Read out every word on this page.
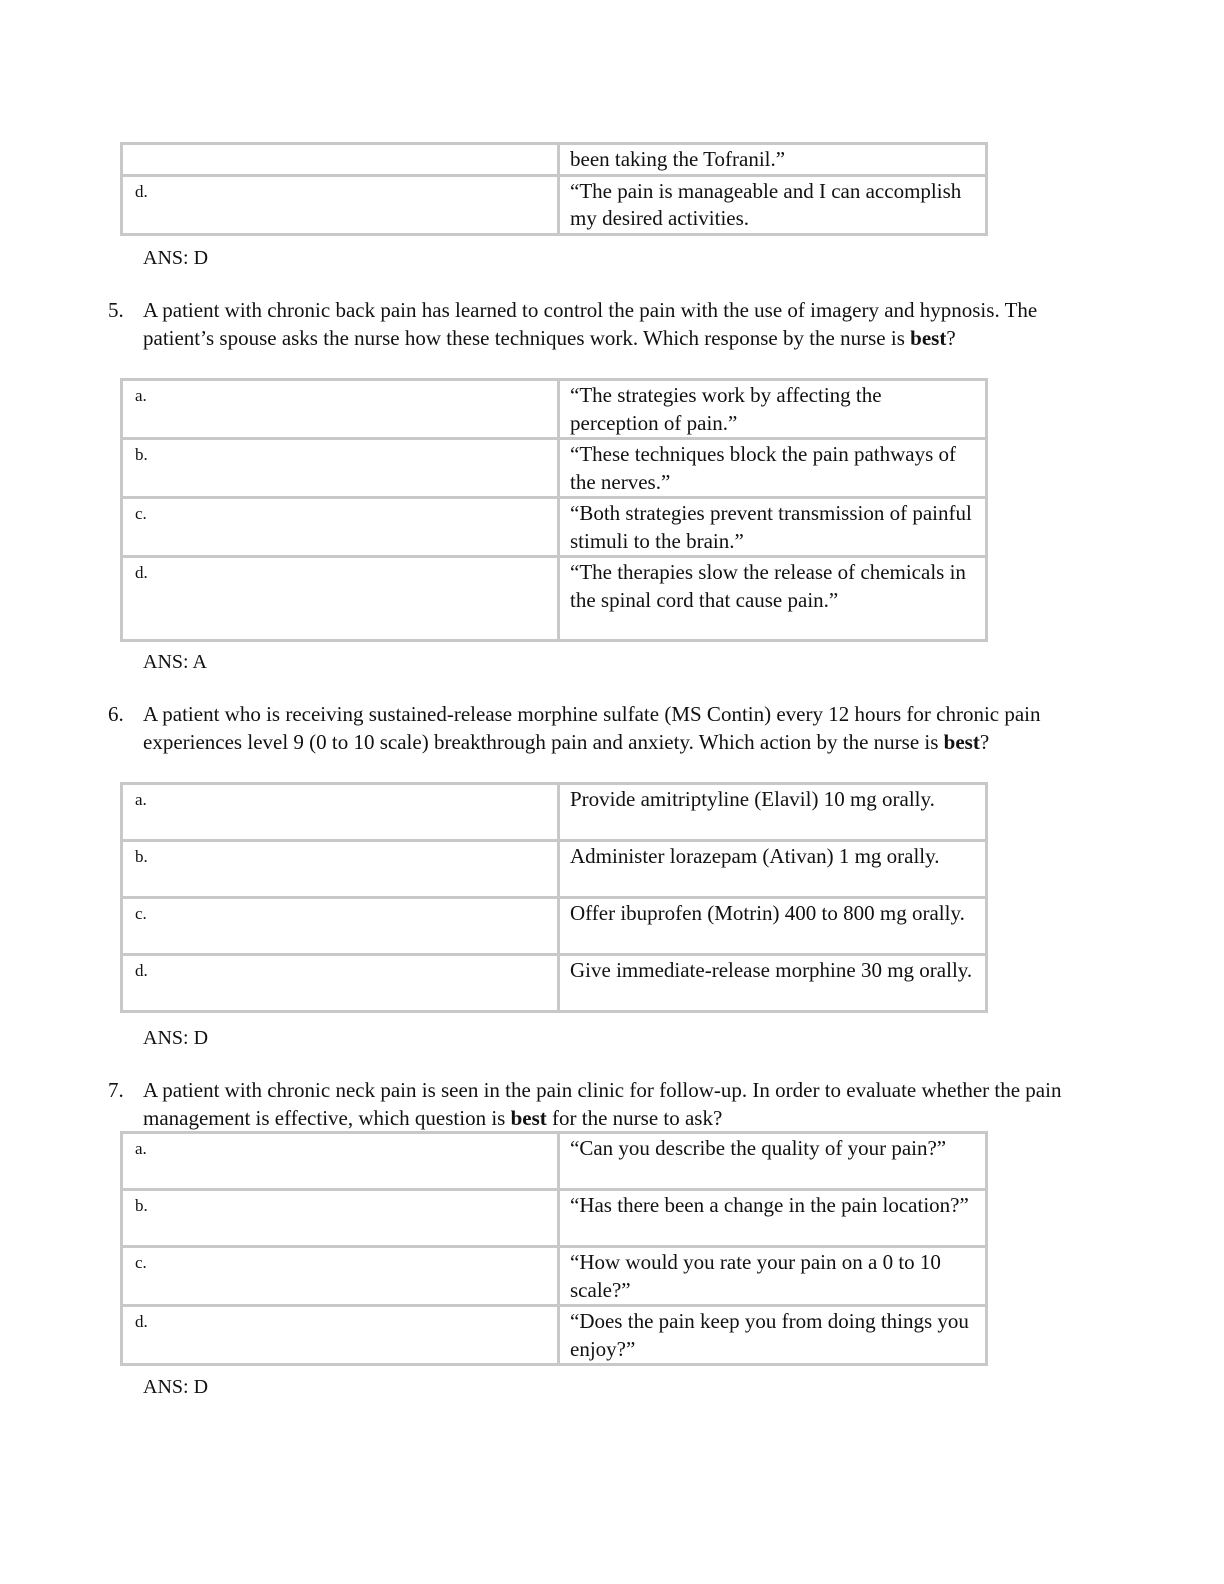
	been taking the Tofranil.”
d.	“The pain is manageable and I can accomplish my desired activities.
ANS: D
5. A patient with chronic back pain has learned to control the pain with the use of imagery and hypnosis. The patient’s spouse asks the nurse how these techniques work. Which response by the nurse is best?
a.	“The strategies work by affecting the perception of pain.”
b.	“These techniques block the pain pathways of the nerves.”
c.	“Both strategies prevent transmission of painful stimuli to the brain.”
d.	“The therapies slow the release of chemicals in the spinal cord that cause pain.”
ANS: A
6. A patient who is receiving sustained-release morphine sulfate (MS Contin) every 12 hours for chronic pain experiences level 9 (0 to 10 scale) breakthrough pain and anxiety. Which action by the nurse is best?
a.	Provide amitriptyline (Elavil) 10 mg orally.
b.	Administer lorazepam (Ativan) 1 mg orally.
c.	Offer ibuprofen (Motrin) 400 to 800 mg orally.
d.	Give immediate-release morphine 30 mg orally.
ANS: D
7. A patient with chronic neck pain is seen in the pain clinic for follow-up. In order to evaluate whether the pain management is effective, which question is best for the nurse to ask?
a.	“Can you describe the quality of your pain?”
b.	“Has there been a change in the pain location?”
c.	“How would you rate your pain on a 0 to 10 scale?”
d.	“Does the pain keep you from doing things you enjoy?”
ANS: D
